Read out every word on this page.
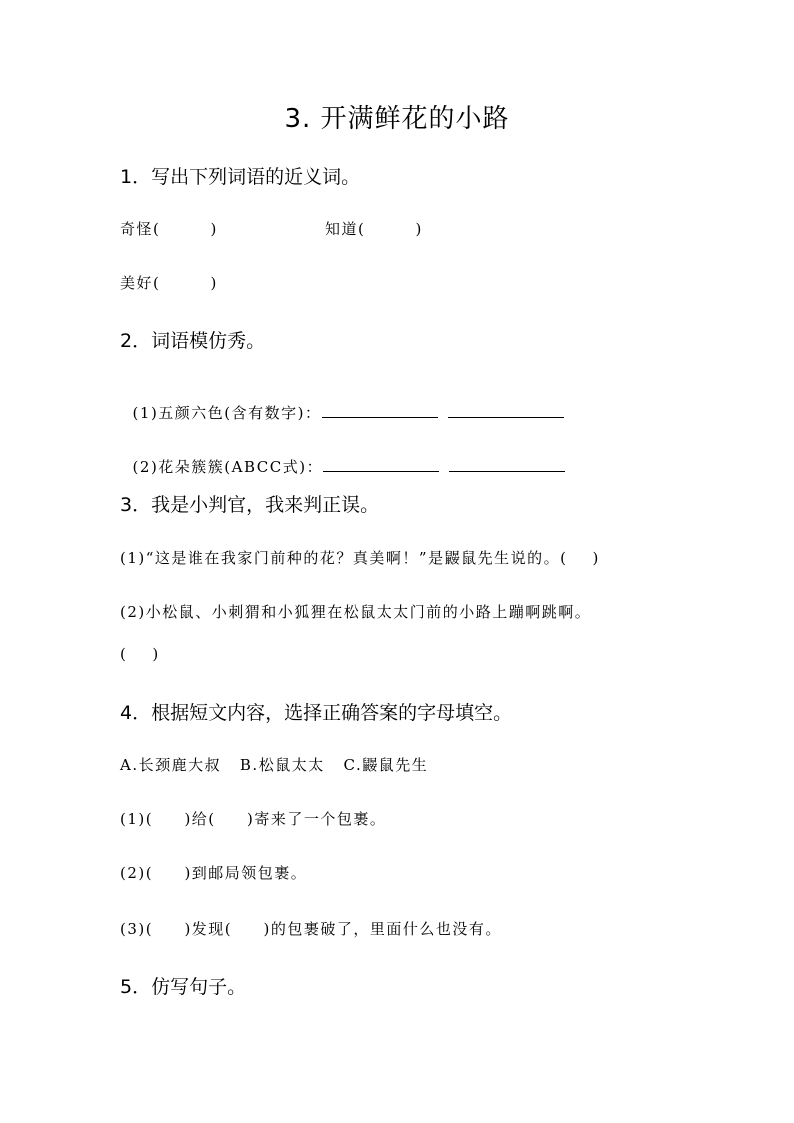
3. 开满鲜花的小路
1．写出下列词语的近义词。
奇怪(        )	知道(        )
美好(        )
2．词语模仿秀。

(1)五颜六色(含有数字)：

(2)花朵簇簇(ABCC式)：

3．我是小判官，我来判正误。
(1)“这是谁在我家门前种的花？真美啊！”是鼹鼠先生说的。(    )
(2)小松鼠、小刺猬和小狐狸在松鼠太太门前的小路上蹦啊跳啊。
(    )
4．根据短文内容，选择正确答案的字母填空。
A.长颈鹿大叔   B.松鼠太太   C.鼹鼠先生
(1)(     )给(     )寄来了一个包裹。
(2)(     )到邮局领包裹。
(3)(     )发现(     )的包裹破了，里面什么也没有。
5．仿写句子。
